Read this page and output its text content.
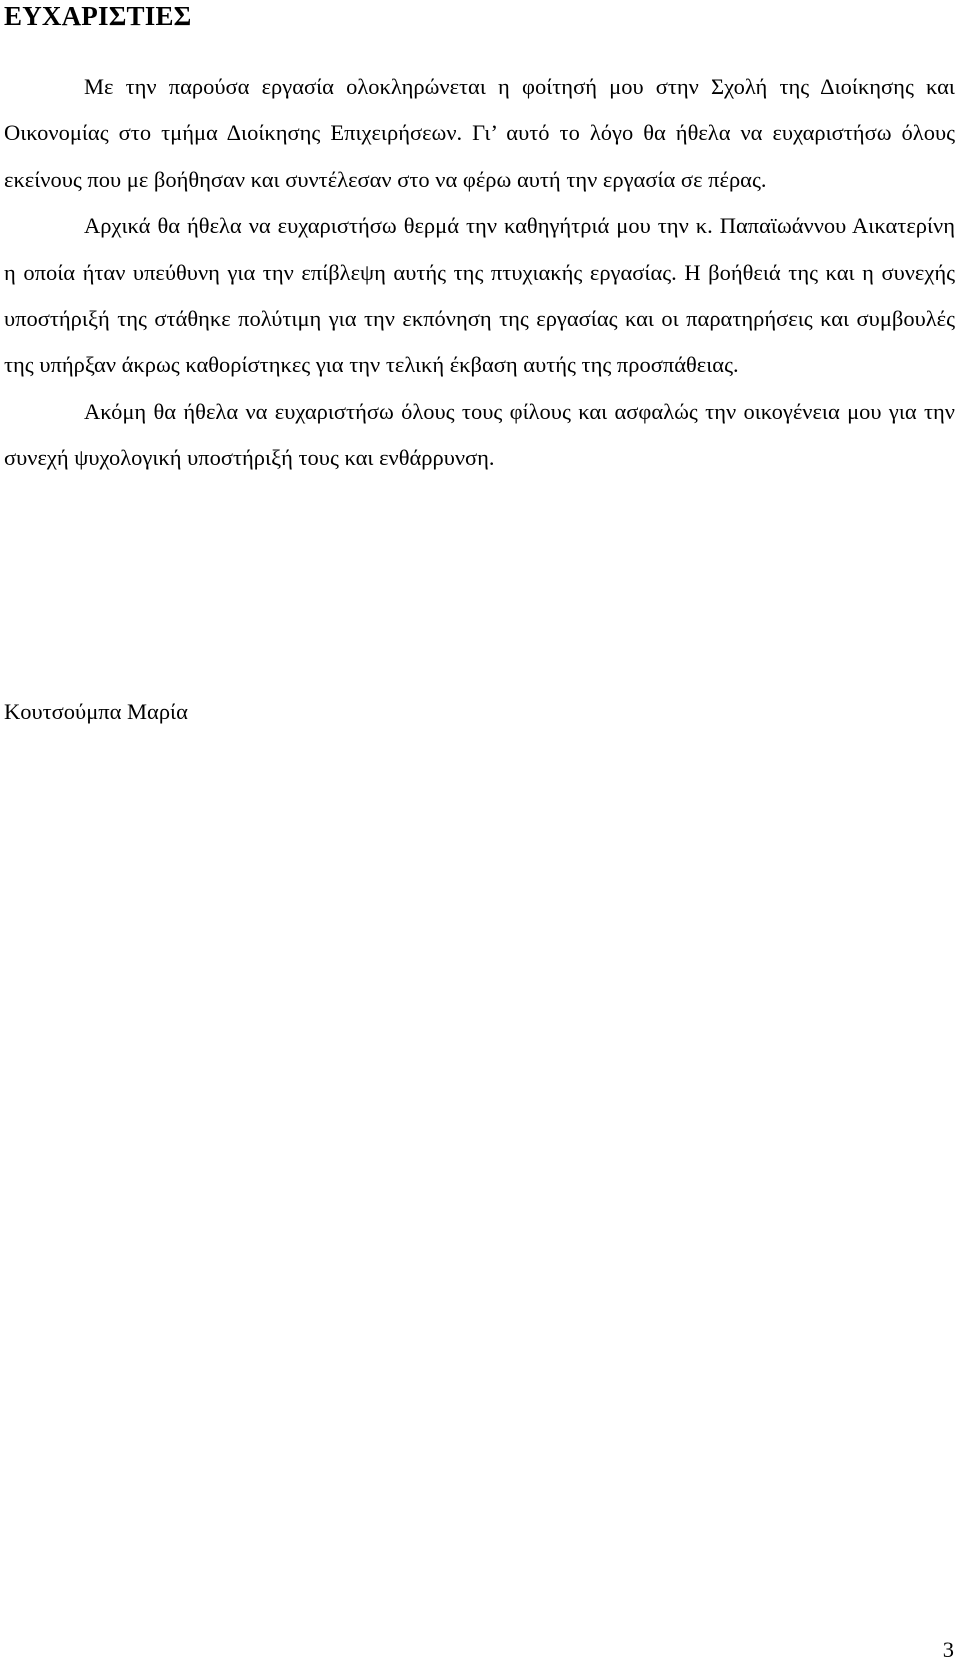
ΕΥΧΑΡΙΣΤΙΕΣ

Με την παρούσα εργασία ολοκληρώνεται η φοίτησή μου στην Σχολή της Διοίκησης και Οικονομίας στο τμήμα Διοίκησης Επιχειρήσεων. Γι’ αυτό το λόγο θα ήθελα να ευχαριστήσω όλους εκείνους που με βοήθησαν και συντέλεσαν στο να φέρω αυτή την εργασία σε πέρας.

Αρχικά θα ήθελα να ευχαριστήσω θερμά την καθηγήτριά μου την κ. Παπαϊωάννου Αικατερίνη η οποία ήταν υπεύθυνη για την επίβλεψη αυτής της πτυχιακής εργασίας. Η βοήθειά της και η συνεχής υποστήριξή της στάθηκε πολύτιμη για την εκπόνηση της εργασίας και οι παρατηρήσεις και συμβουλές της υπήρξαν άκρως καθορίστηκες για την τελική έκβαση αυτής της προσπάθειας.

Ακόμη θα ήθελα να ευχαριστήσω όλους τους φίλους και ασφαλώς την οικογένεια μου για την συνεχή ψυχολογική υποστήριξή τους και ενθάρρυνση.

Κουτσούμπα Μαρία

3
